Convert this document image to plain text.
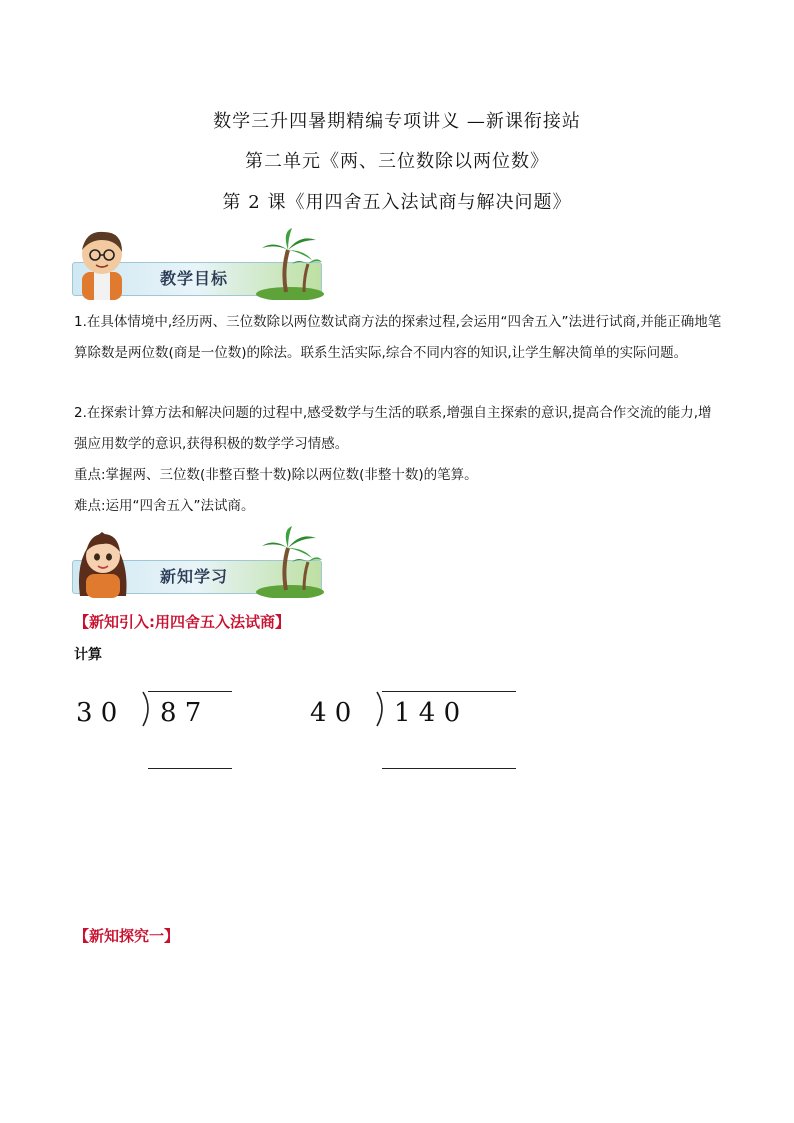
数学三升四暑期精编专项讲义 —新课衔接站
第二单元《两、三位数除以两位数》
第 2 课《用四舍五入法试商与解决问题》
教学目标
1.在具体情境中,经历两、三位数除以两位数试商方法的探索过程,会运用“四舍五入”法进行试商,并能正确地笔算除数是两位数(商是一位数)的除法。联系生活实际,综合不同内容的知识,让学生解决简单的实际问题。
2.在探索计算方法和解决问题的过程中,感受数学与生活的联系,增强自主探索的意识,提高合作交流的能力,增强应用数学的意识,获得积极的数学学习情感。
重点:掌握两、三位数(非整百整十数)除以两位数(非整十数)的笔算。
难点:运用“四舍五入”法试商。
新知学习
【新知引入:用四舍五入法试商】
计算
3 0 8 7	4 0 1 4 0
【新知探究一】
